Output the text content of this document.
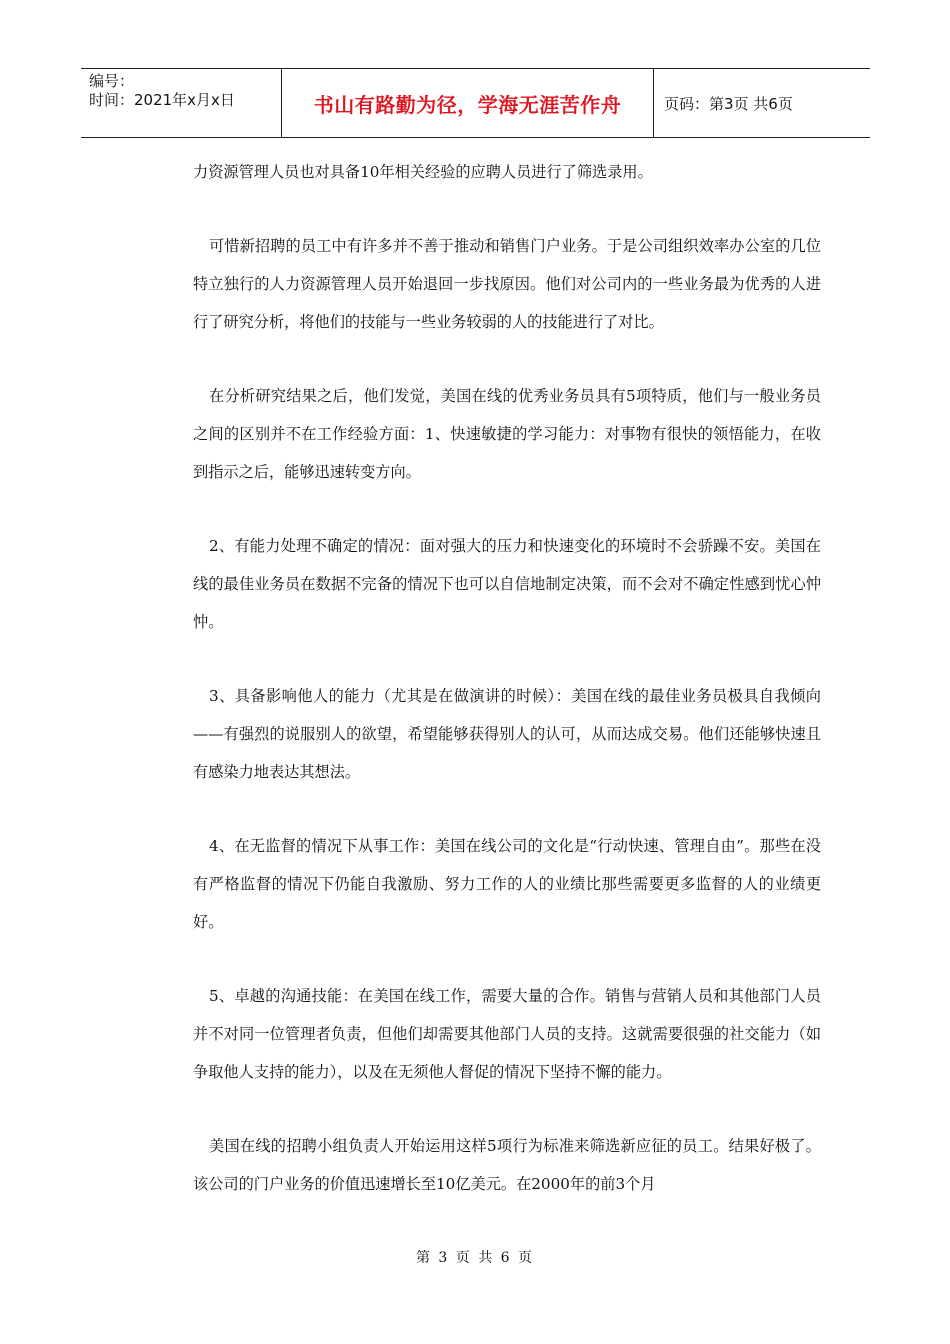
编号：
时间：2021年x月x日	书山有路勤为径，学海无涯苦作舟	页码：第3页 共6页

力资源管理人员也对具备10年相关经验的应聘人员进行了筛选录用。

可惜新招聘的员工中有许多并不善于推动和销售门户业务。于是公司组织效率办公室的几位特立独行的人力资源管理人员开始退回一步找原因。他们对公司内的一些业务最为优秀的人进行了研究分析，将他们的技能与一些业务较弱的人的技能进行了对比。

在分析研究结果之后，他们发觉，美国在线的优秀业务员具有5项特质，他们与一般业务员之间的区别并不在工作经验方面：1、快速敏捷的学习能力：对事物有很快的领悟能力，在收到指示之后，能够迅速转变方向。

2、有能力处理不确定的情况：面对强大的压力和快速变化的环境时不会骄躁不安。美国在线的最佳业务员在数据不完备的情况下也可以自信地制定决策，而不会对不确定性感到忧心忡忡。

3、具备影响他人的能力（尤其是在做演讲的时候）：美国在线的最佳业务员极具自我倾向——有强烈的说服别人的欲望，希望能够获得别人的认可，从而达成交易。他们还能够快速且有感染力地表达其想法。

4、在无监督的情况下从事工作：美国在线公司的文化是“行动快速、管理自由”。那些在没有严格监督的情况下仍能自我激励、努力工作的人的业绩比那些需要更多监督的人的业绩更好。

5、卓越的沟通技能：在美国在线工作，需要大量的合作。销售与营销人员和其他部门人员并不对同一位管理者负责，但他们却需要其他部门人员的支持。这就需要很强的社交能力（如争取他人支持的能力），以及在无须他人督促的情况下坚持不懈的能力。

美国在线的招聘小组负责人开始运用这样5项行为标准来筛选新应征的员工。结果好极了。该公司的门户业务的价值迅速增长至10亿美元。在2000年的前3个月

第 3 页 共 6 页
